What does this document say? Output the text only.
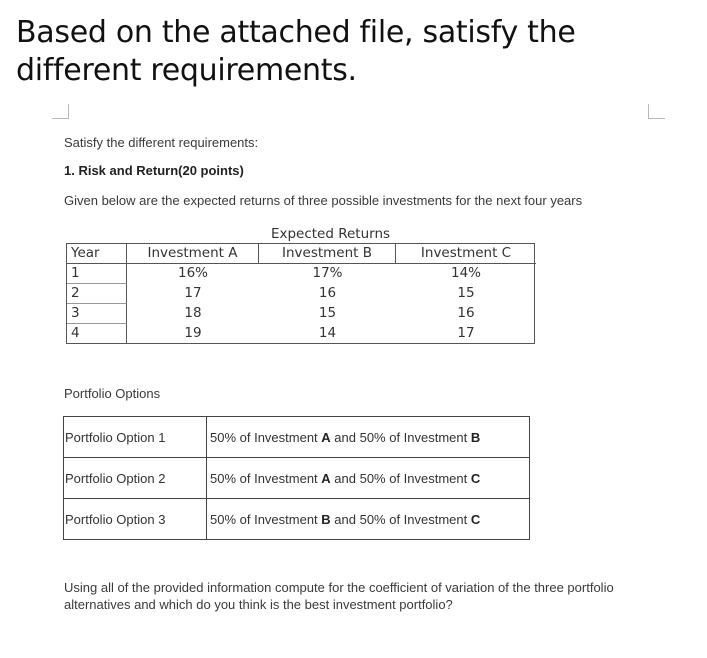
Based on the attached file, satisfy the different requirements.
Satisfy the different requirements:
1. Risk and Return(20 points)
Given below are the expected returns of three possible investments for the next four years
Portfolio Options
Expected Returns
Year	Investment A	Investment B	Investment C
1	16%	17%	14%
2	17	16	15
3	18	15	16
4	19	14	17
Portfolio Option 1	50% of Investment A and 50% of Investment B
Portfolio Option 2	50% of Investment A and 50% of Investment C
Portfolio Option 3	50% of Investment B and 50% of Investment C
Using all of the provided information compute for the coefficient of variation of the three portfolio alternatives and which do you think is the best investment portfolio?
